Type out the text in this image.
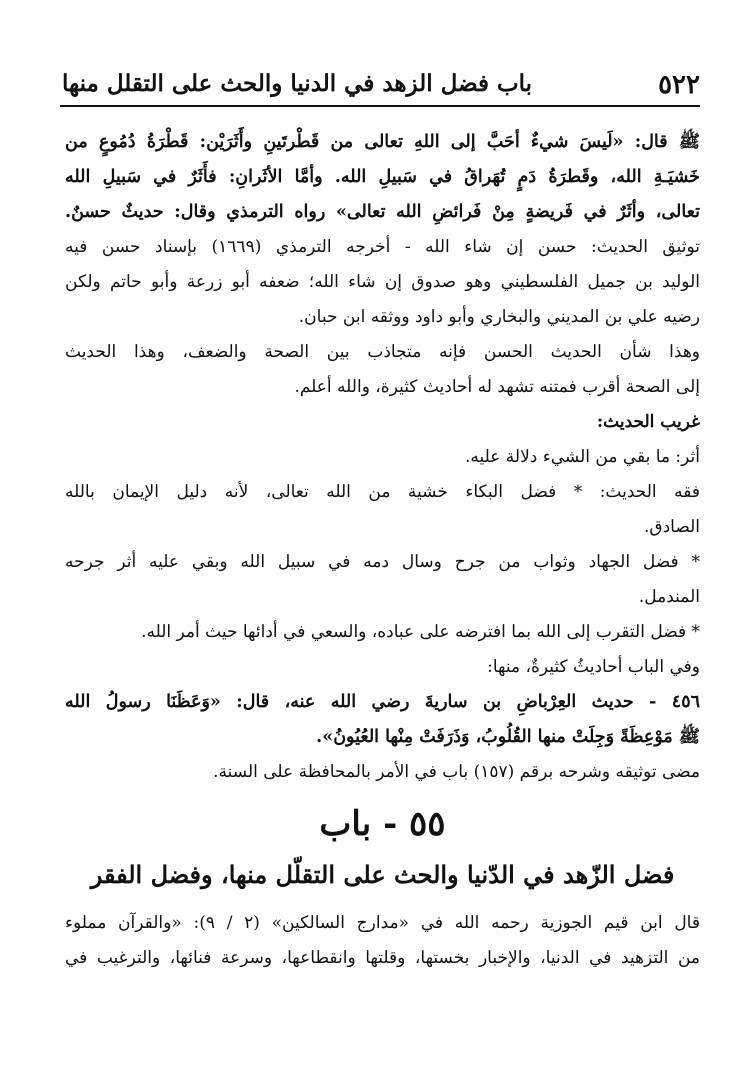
٥٢٢
باب فضل الزهد في الدنيا والحث على التقلل منها
ﷺ قال: «لَيسَ شيءٌ أحَبَّ إلى اللهِ تعالى من قَطْرتَينِ وأَثَرَيْن: قَطْرَةُ دُمُوعٍ من
خَشيَـةِ الله، وقَطرَةُ دَمٍ تُهَراقُ في سَبيلِ الله. وأمَّا الأثَرانِ: فأَثَرٌ في سَبيلِ الله
تعالى، وأثَرٌ في فَريضةٍ مِنْ فَرائضِ الله تعالى» رواه الترمذي وقال: حديثٌ حسنٌ.
توثيق الحديث: حسن إن شاء الله - أخرجه الترمذي (١٦٦٩) بإسناد حسن فيه
الوليد بن جميل الفلسطيني وهو صدوق إن شاء الله؛ ضعفه أبو زرعة وأبو حاتم ولكن
رضيه علي بن المديني والبخاري وأبو داود ووثقه ابن حبان.
وهذا شأن الحديث الحسن فإنه متجاذب بين الصحة والضعف، وهذا الحديث
إلى الصحة أقرب فمتنه تشهد له أحاديث كثيرة، والله أعلم.
غريب الحديث:
أثر: ما بقي من الشيء دلالة عليه.
فقه الحديث: * فضل البكاء خشية من الله تعالى، لأنه دليل الإيمان بالله
الصادق.
* فضل الجهاد وثواب من جرح وسال دمه في سبيل الله وبقي عليه أثر جرحه
المندمل.
* فضل التقرب إلى الله بما افترضه على عباده، والسعي في أدائها حيث أمر الله.
وفي الباب أحاديثُ كثيرةٌ، منها:
٤٥٦ - حديث العِرْباضِ بن ساريةَ رضي الله عنه، قال: «وَعَظَنَا رسولُ الله
ﷺ مَوْعِظَةً وَجِلَتْ منها القُلُوبُ، وَذَرَفَتْ مِنْها العُيُونُ».
مضى توثيقه وشرحه برقم (١٥٧) باب في الأمر بالمحافظة على السنة.
٥٥ - باب
فضل الزّهد في الدّنيا والحث على التقلّل منها، وفضل الفقر
قال ابن قيم الجوزية رحمه الله في «مدارج السالكين» (٢ / ٩): «والقرآن مملوء
من التزهيد في الدنيا، والإخبار بخستها، وقلتها وانقطاعها، وسرعة فنائها، والترغيب في
